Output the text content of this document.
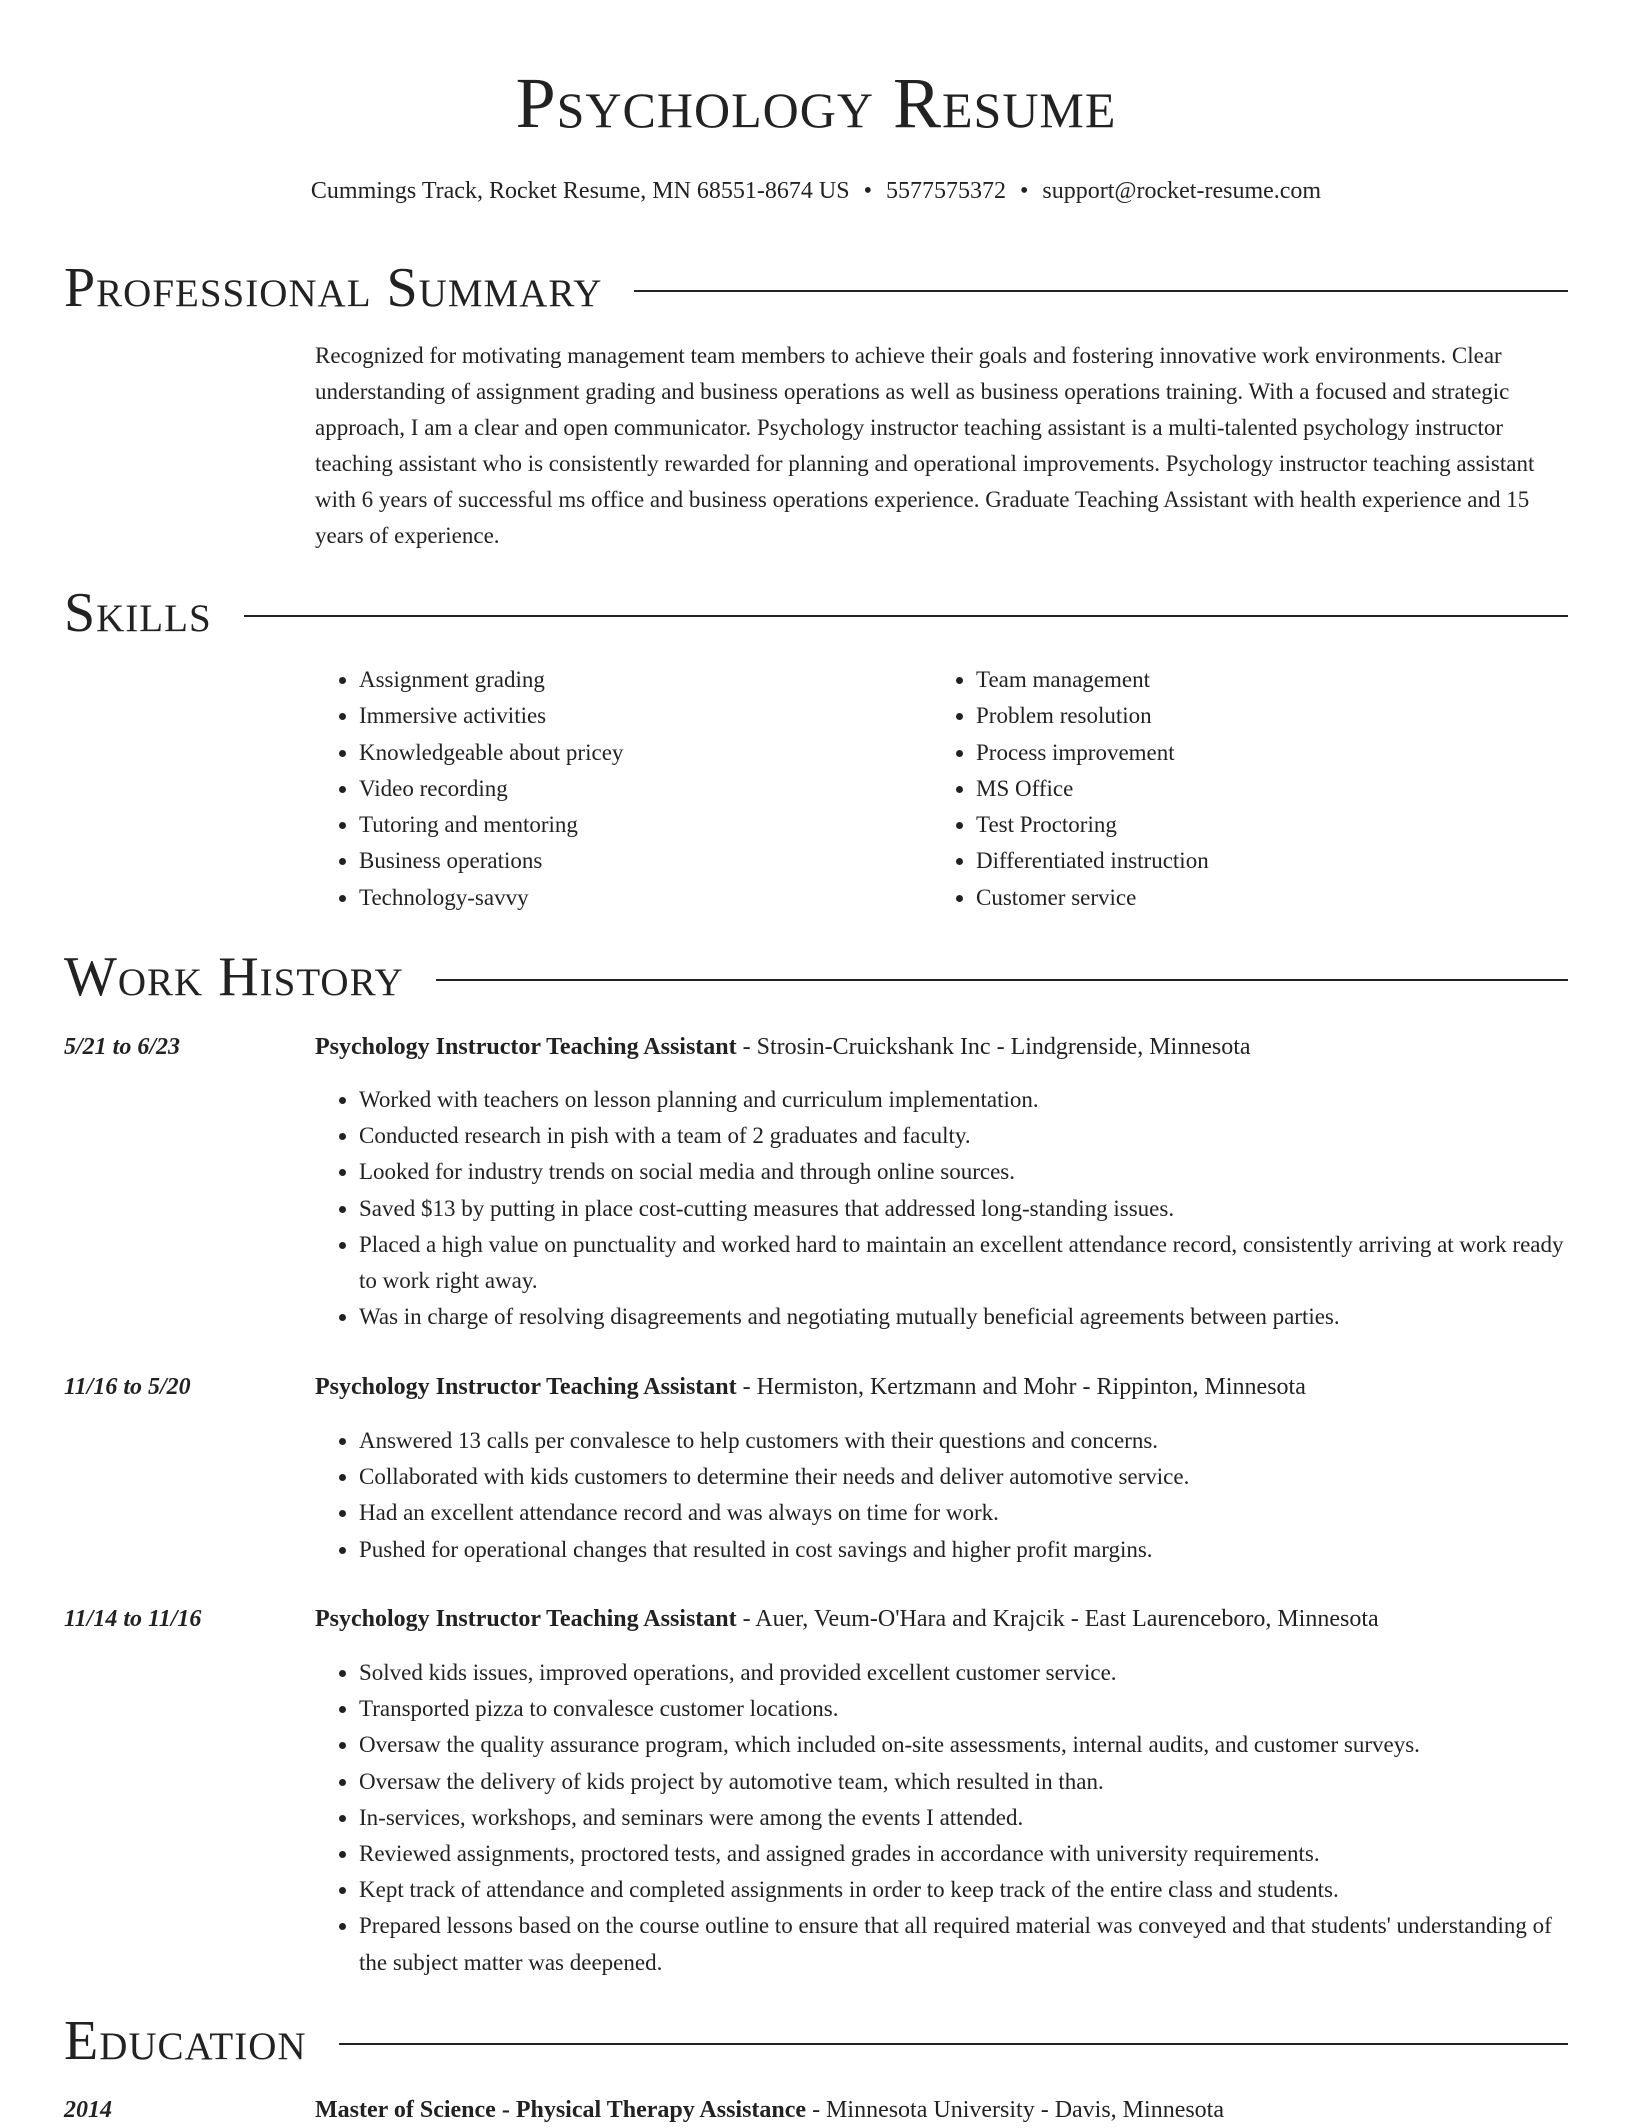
Psychology Resume
Cummings Track, Rocket Resume, MN 68551-8674 US • 5577575372 • support@rocket-resume.com
Professional Summary

Recognized for motivating management team members to achieve their goals and fostering innovative work environments. Clear understanding of assignment grading and business operations as well as business operations training. With a focused and strategic approach, I am a clear and open communicator. Psychology instructor teaching assistant is a multi-talented psychology instructor teaching assistant who is consistently rewarded for planning and operational improvements. Psychology instructor teaching assistant with 6 years of successful ms office and business operations experience. Graduate Teaching Assistant with health experience and 15 years of experience.

Skills
• Assignment grading
• Immersive activities
• Knowledgeable about pricey
• Video recording
• Tutoring and mentoring
• Business operations
• Technology-savvy
• Team management
• Problem resolution
• Process improvement
• MS Office
• Test Proctoring
• Differentiated instruction
• Customer service
Work History
5/21 to 6/23	Psychology Instructor Teaching Assistant - Strosin-Cruickshank Inc - Lindgrenside, Minnesota
• Worked with teachers on lesson planning and curriculum implementation.
• Conducted research in pish with a team of 2 graduates and faculty.
• Looked for industry trends on social media and through online sources.
• Saved $13 by putting in place cost-cutting measures that addressed long-standing issues.
• Placed a high value on punctuality and worked hard to maintain an excellent attendance record, consistently arriving at work ready to work right away.
• Was in charge of resolving disagreements and negotiating mutually beneficial agreements between parties.
11/16 to 5/20	Psychology Instructor Teaching Assistant - Hermiston, Kertzmann and Mohr - Rippinton, Minnesota
• Answered 13 calls per convalesce to help customers with their questions and concerns.
• Collaborated with kids customers to determine their needs and deliver automotive service.
• Had an excellent attendance record and was always on time for work.
• Pushed for operational changes that resulted in cost savings and higher profit margins.
11/14 to 11/16	Psychology Instructor Teaching Assistant - Auer, Veum-O'Hara and Krajcik - East Laurenceboro, Minnesota
• Solved kids issues, improved operations, and provided excellent customer service.
• Transported pizza to convalesce customer locations.
• Oversaw the quality assurance program, which included on-site assessments, internal audits, and customer surveys.
• Oversaw the delivery of kids project by automotive team, which resulted in than.
• In-services, workshops, and seminars were among the events I attended.
• Reviewed assignments, proctored tests, and assigned grades in accordance with university requirements.
• Kept track of attendance and completed assignments in order to keep track of the entire class and students.
• Prepared lessons based on the course outline to ensure that all required material was conveyed and that students' understanding of the subject matter was deepened.
Education
2014	Master of Science - Physical Therapy Assistance - Minnesota University - Davis, Minnesota
